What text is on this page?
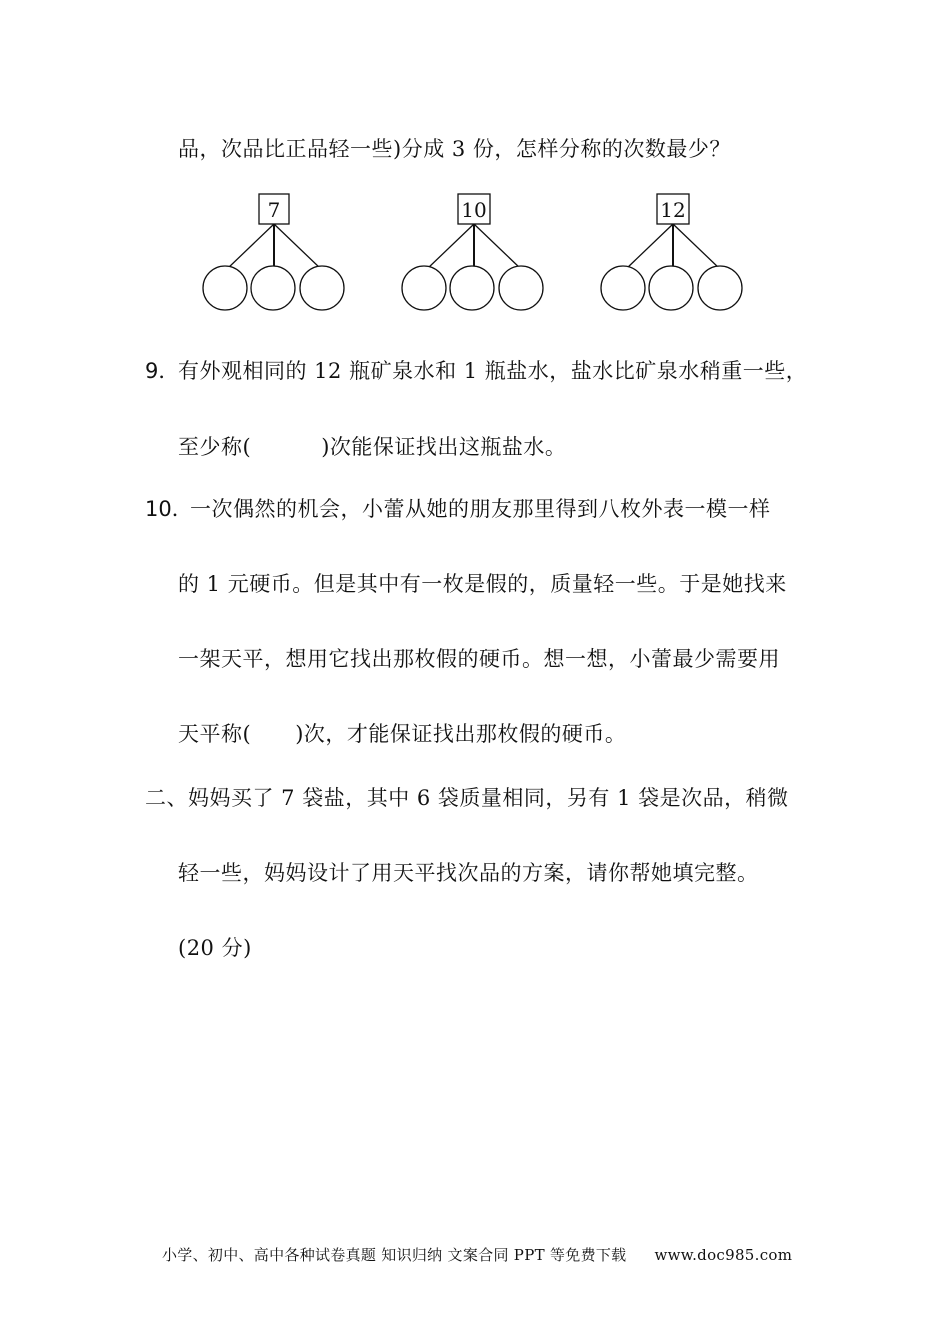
品，次品比正品轻一些)分成 3 份，怎样分称的次数最少？
7	10	12
9．
有外观相同的 12 瓶矿泉水和 1 瓶盐水，盐水比矿泉水稍重一些，
至少称(	)次能保证找出这瓶盐水。
10．
一次偶然的机会，小蕾从她的朋友那里得到八枚外表一模一样
的 1 元硬币。但是其中有一枚是假的，质量轻一些。于是她找来
一架天平，想用它找出那枚假的硬币。想一想，小蕾最少需要用
天平称( )次，才能保证找出那枚假的硬币。
二、妈妈买了 7 袋盐，其中 6 袋质量相同，另有 1 袋是次品，稍微
轻一些，妈妈设计了用天平找次品的方案，请你帮她填完整。
(20 分)
小学、初中、高中各种试卷真题 知识归纳 文案合同 PPT 等免费下载 www.doc985.com
